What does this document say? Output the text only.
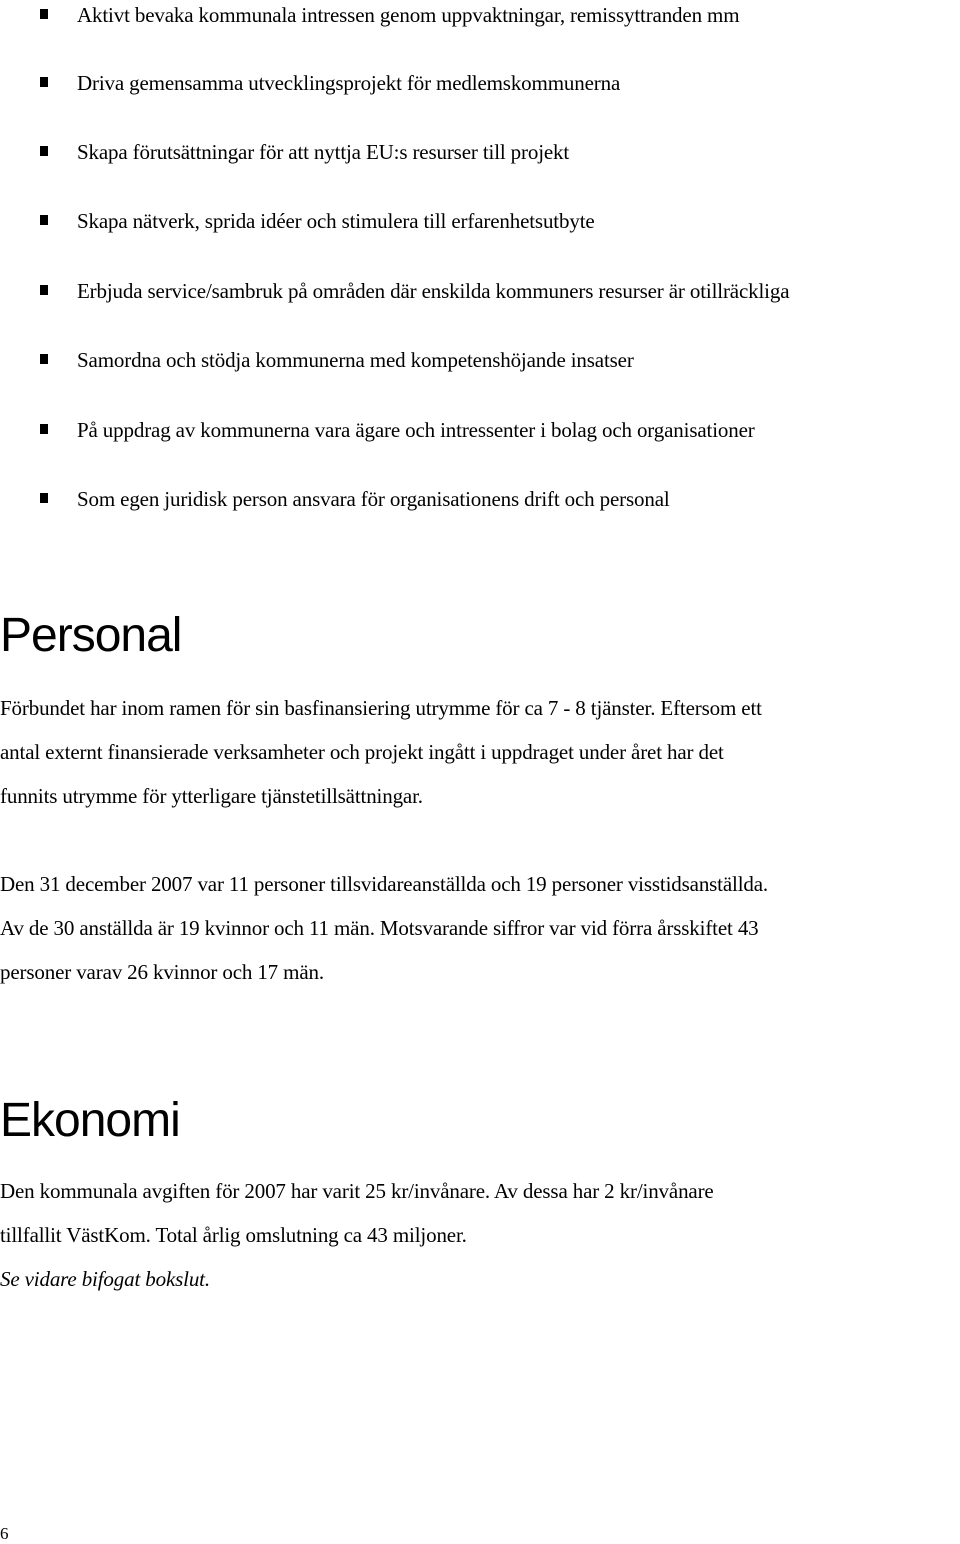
Aktivt bevaka kommunala intressen genom uppvaktningar, remissyttranden mm
Driva gemensamma utvecklingsprojekt för medlemskommunerna
Skapa förutsättningar för att nyttja EU:s resurser till projekt
Skapa nätverk, sprida idéer och stimulera till erfarenhetsutbyte
Erbjuda service/sambruk på områden där enskilda kommuners resurser är otillräckliga
Samordna och stödja kommunerna med kompetenshöjande insatser
På uppdrag av kommunerna vara ägare och intressenter i bolag och organisationer
Som egen juridisk person ansvara för organisationens drift och personal
Personal

Förbundet har inom ramen för sin basfinansiering utrymme för ca 7 - 8 tjänster. Eftersom ett
antal externt finansierade verksamheter och projekt ingått i uppdraget under året har det
funnits utrymme för ytterligare tjänstetillsättningar.

Den 31 december 2007 var 11 personer tillsvidareanställda och 19 personer visstidsanställda.
Av de 30 anställda är 19 kvinnor och 11 män. Motsvarande siffror var vid förra årsskiftet 43
personer varav 26 kvinnor och 17 män.

Ekonomi

Den kommunala avgiften för 2007 har varit 25 kr/invånare. Av dessa har 2 kr/invånare
tillfallit VästKom. Total årlig omslutning ca 43 miljoner.
Se vidare bifogat bokslut.

6
